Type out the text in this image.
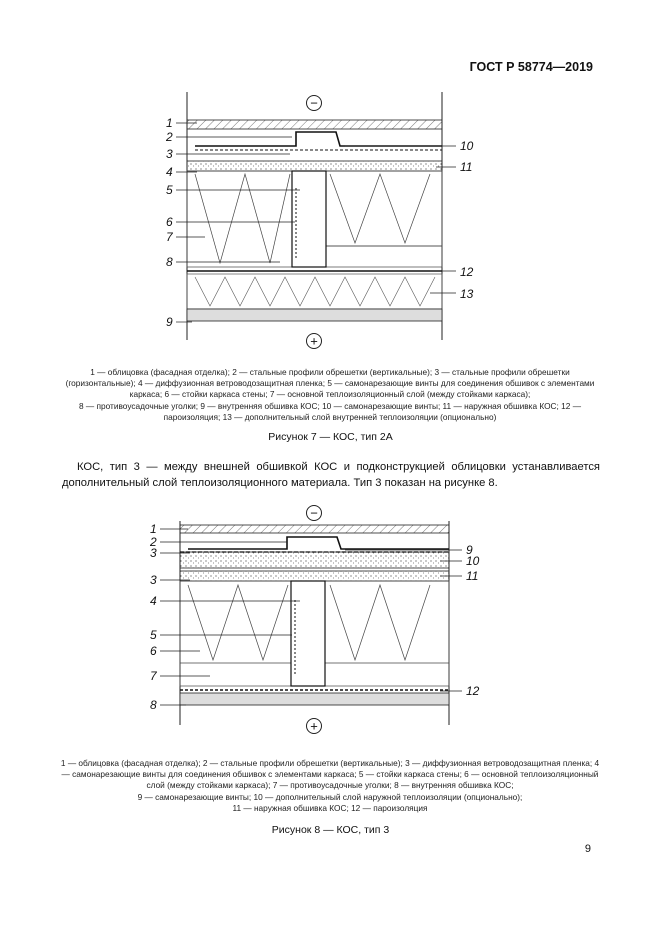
ГОСТ Р 58774—2019
−
+
1
2
3
4
5
6
7
8
9
10
11
12
13
1 — облицовка (фасадная отделка); 2 — стальные профили обрешетки (вертикальные); 3 — стальные профили обрешетки (горизонтальные); 4 — диффузионная ветроводозащитная пленка; 5 — самонарезающие винты для соединения обшивок с элементами каркаса; 6 — стойки каркаса стены; 7 — основной теплоизоляционный слой (между стойками каркаса);
8 — противоусадочные уголки; 9 — внутренняя обшивка КОС; 10 — самонарезающие винты; 11 — наружная обшивка КОС; 12 — пароизоляция; 13 — дополнительный слой внутренней теплоизоляции (опционально)
Рисунок 7 — КОС, тип 2А
КОС, тип 3 — между внешней обшивкой КОС и подконструкцией облицовки устанавливается дополнительный слой теплоизоляционного материала. Тип 3 показан на рисунке 8.
−
+
1
2
3
3
4
5
6
7
8
9
10
11
12
1 — облицовка (фасадная отделка); 2 — стальные профили обрешетки (вертикальные); 3 — диффузионная ветроводозащитная пленка; 4 — самонарезающие винты для соединения обшивок с элементами каркаса; 5 — стойки каркаса стены; 6 — основной теплоизоляционный слой (между стойками каркаса); 7 — противоусадочные уголки; 8 — внутренняя обшивка КОС;
9 — самонарезающие винты; 10 — дополнительный слой наружной теплоизоляции (опционально);
11 — наружная обшивка КОС; 12 — пароизоляция
Рисунок 8 — КОС, тип 3
9
